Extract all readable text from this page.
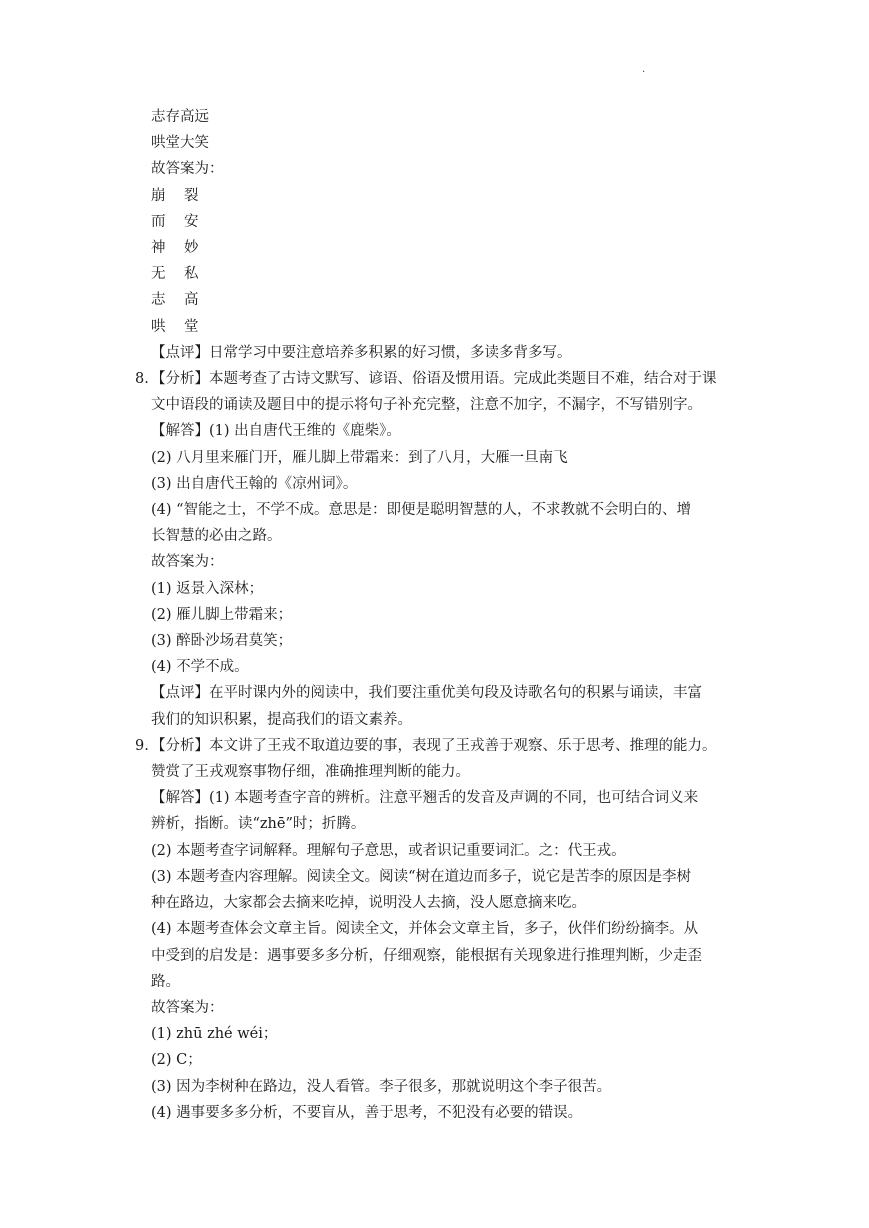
.
志存高远
哄堂大笑
故答案为：
崩 裂
而 安
神 妙
无 私
志 高
哄 堂
【点评】日常学习中要注意培养多积累的好习惯，多读多背多写。
8. 【分析】本题考查了古诗文默写、谚语、俗语及惯用语。完成此类题目不难，结合对于课
文中语段的诵读及题目中的提示将句子补充完整，注意不加字，不漏字，不写错别字。
【解答】(1) 出自唐代王维的《鹿柴》。
(2) 八月里来雁门开，雁儿脚上带霜来：到了八月，大雁一旦南飞
(3) 出自唐代王翰的《凉州词》。
(4) “智能之士，不学不成。意思是：即便是聪明智慧的人，不求教就不会明白的、增
长智慧的必由之路。
故答案为：
(1) 返景入深林；
(2) 雁儿脚上带霜来；
(3) 醉卧沙场君莫笑；
(4) 不学不成。
【点评】在平时课内外的阅读中，我们要注重优美句段及诗歌名句的积累与诵读，丰富
我们的知识积累，提高我们的语文素养。
9. 【分析】本文讲了王戎不取道边要的事，表现了王戎善于观察、乐于思考、推理的能力。
赞赏了王戎观察事物仔细，准确推理判断的能力。
【解答】(1) 本题考查字音的辨析。注意平翘舌的发音及声调的不同，也可结合词义来
辨析，指断。读“zhē”时；折腾。
(2) 本题考查字词解释。理解句子意思，或者识记重要词汇。之：代王戎。
(3) 本题考查内容理解。阅读全文。阅读“树在道边而多子，说它是苦李的原因是李树
种在路边，大家都会去摘来吃掉，说明没人去摘，没人愿意摘来吃。
(4) 本题考查体会文章主旨。阅读全文，并体会文章主旨，多子，伙伴们纷纷摘李。从
中受到的启发是：遇事要多多分析，仔细观察，能根据有关现象进行推理判断，少走歪
路。
故答案为：
(1) zhū zhé wéi；
(2) C；
(3) 因为李树种在路边，没人看管。李子很多，那就说明这个李子很苦。
(4) 遇事要多多分析，不要盲从，善于思考，不犯没有必要的错误。
